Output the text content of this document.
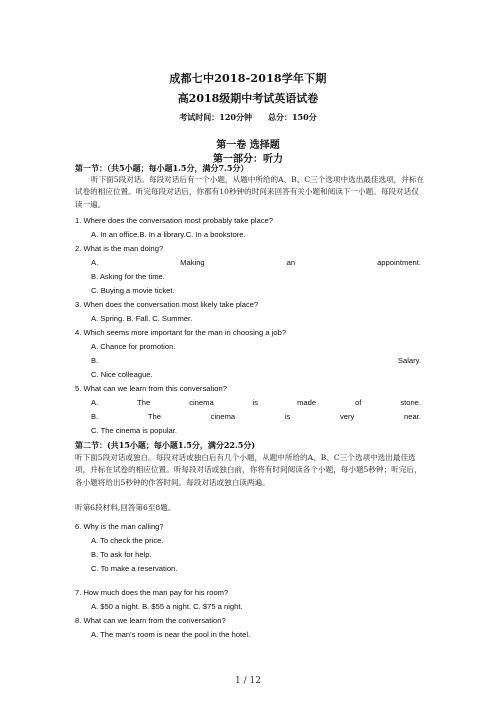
成都七中2018-2018学年下期
高2018级期中考试英语试卷
考试时间：120分钟　　总分：150分
第一卷 选择题
第一部分：听力
第一节：（共5小题；每小题1.5分，满分7.5分）
听下面5段对话。每段对话后有一个小题，从题中所给的A、B、C三个选项中选出最佳选项，并标在试卷的相应位置。听完每段对话后，你都有10秒钟的时间来回答有关小题和阅读下一小题。每段对话仅读一遍。
1. Where does the conversation most probably take place?
A. In an office.B. In a library.C. In a bookstore.
2. What is the man doing?
A.	Making	an	appointment.
B. Asking for the time.
C. Buying a movie ticket.
3. When does the conversation most likely take place?
A. Spring. B. Fall. C. Summer.
4. Which seems more important for the man in choosing a job?
A. Chance for promotion.
B.	Salary.
C. Nice colleague.
5. What can we learn from this conversation?
A.	The	cinema	is	made	of	stone.
B.	The	cinema	is	very	near.
C. The cinema is popular.
第二节：(共15小题；每小题1.5分，满分22.5分)
听下面5段对话或独白。每段对话或独白后有几个小题，从题中所给的A、B、C三个选项中选出最佳选项，并标在试卷的相应位置。听每段对话或独白前，你将有时间阅读各个小题，每小题5秒钟；听完后，各小题将给出5秒钟的作答时间。每段对话或独白读两遍。
听第6段材料,回答第6至8题。
6. Why is the man calling?
A. To check the price.
B. To ask for help.
C. To make a reservation.
7. How much does the man pay for his room?
A. $50 a night. B. $55 a night. C. $75 a night.
8. What can we learn from the conversation?
A. The man's room is near the pool in the hotel.
1 / 12
